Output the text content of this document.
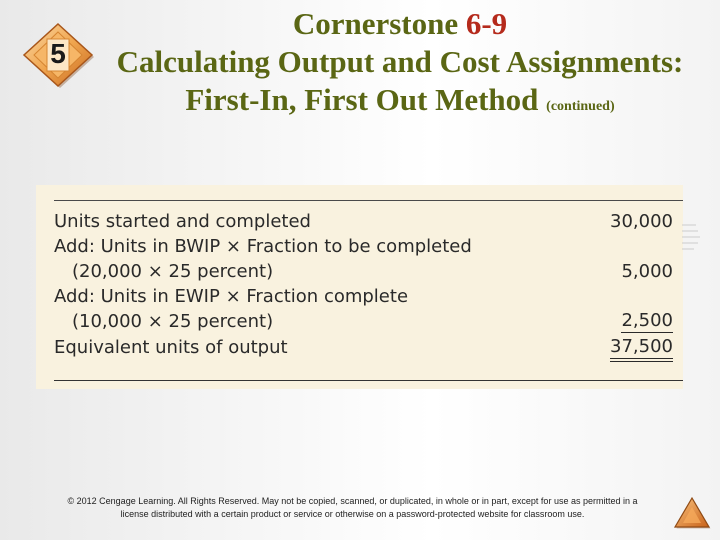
5
Cornerstone 6-9
Calculating Output and Cost Assignments:
First-In, First Out Method (continued)
Units started and completed	30,000
Add: Units in BWIP × Fraction to be completed
(20,000 × 25 percent)	5,000
Add: Units in EWIP × Fraction complete
(10,000 × 25 percent)	2,500
Equivalent units of output	37,500
© 2012 Cengage Learning. All Rights Reserved. May not be copied, scanned, or duplicated, in whole or in part, except for use as permitted in a
license distributed with a certain product or service or otherwise on a password-protected website for classroom use.
